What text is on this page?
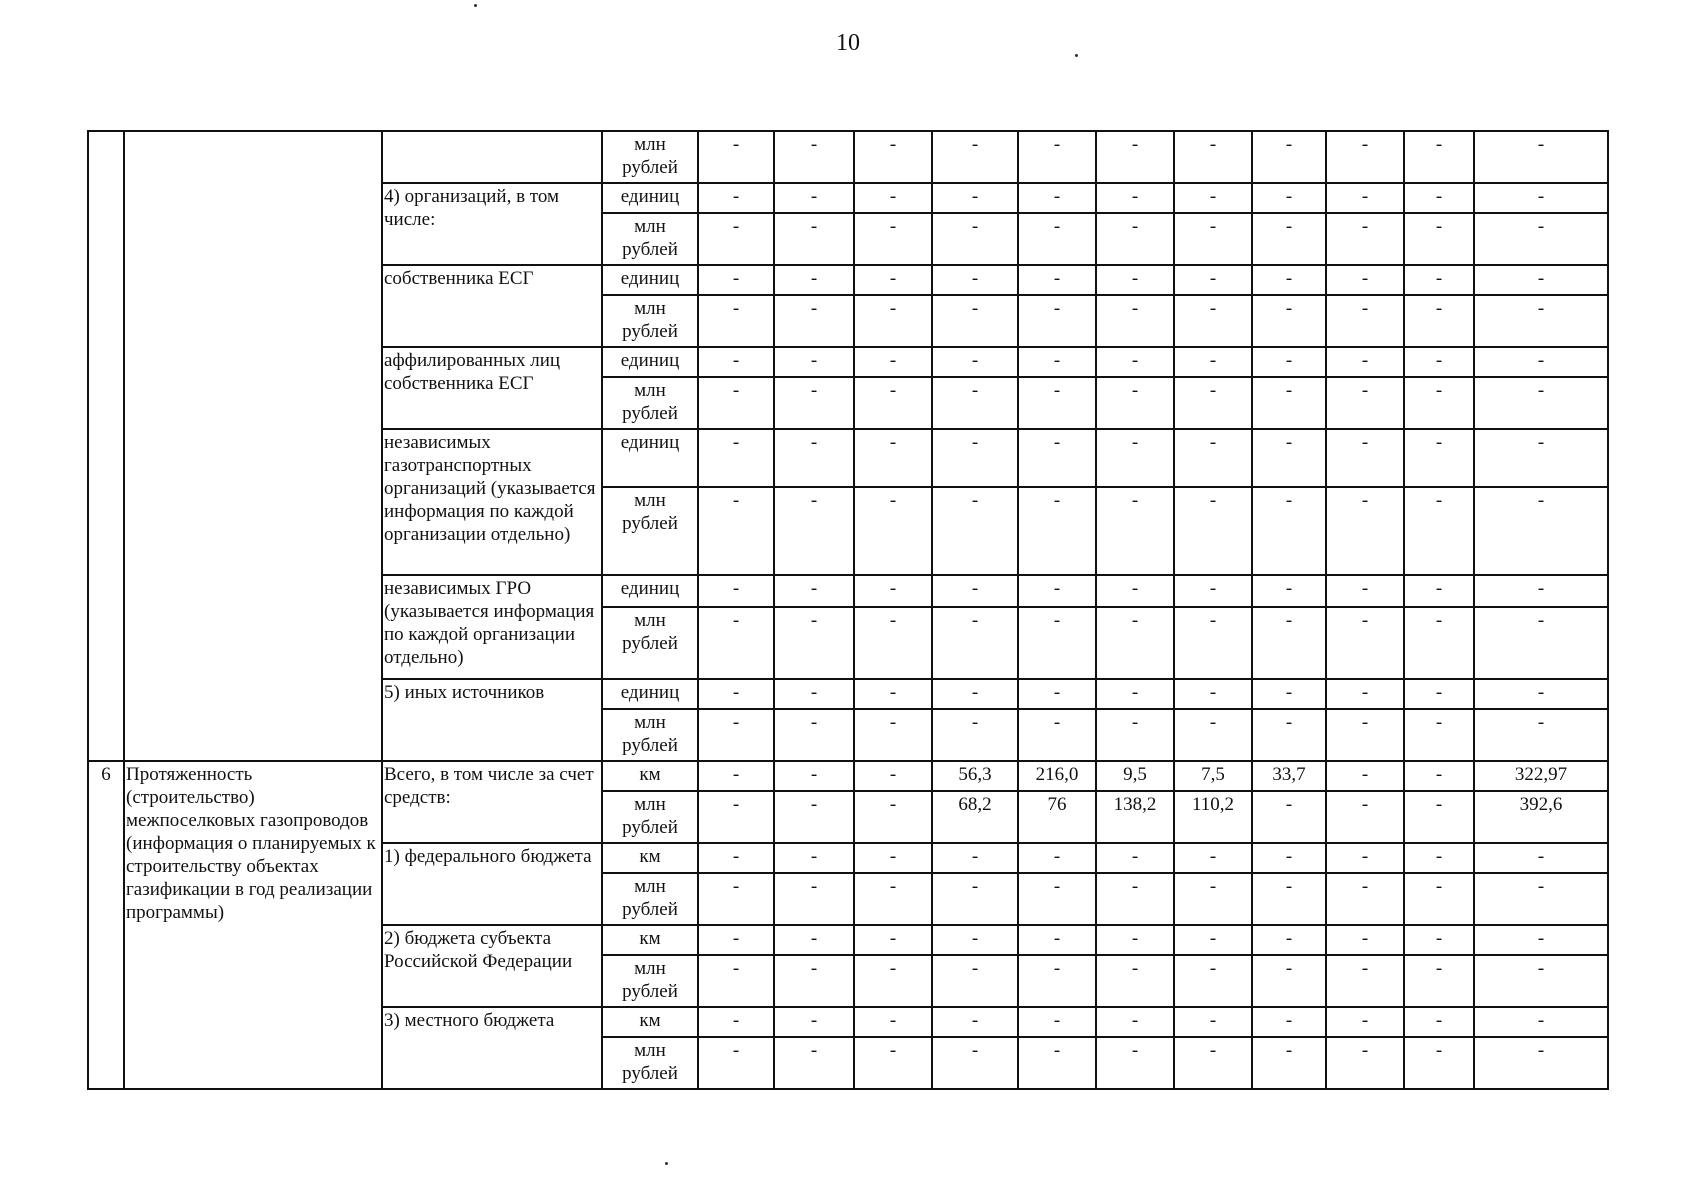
10
			млн рублей	-	-	-	-	-	-	-	-	-	-	-
		4) организаций, в том числе:	единиц	-	-	-	-	-	-	-	-	-	-	-
			млн рублей	-	-	-	-	-	-	-	-	-	-	-
		собственника ЕСГ	единиц	-	-	-	-	-	-	-	-	-	-	-
			млн рублей	-	-	-	-	-	-	-	-	-	-	-
		аффилированных лиц собственника ЕСГ	единиц	-	-	-	-	-	-	-	-	-	-	-
			млн рублей	-	-	-	-	-	-	-	-	-	-	-
		независимых газотранспортных организаций (указывается информация по каждой организации отдельно)	единиц	-	-	-	-	-	-	-	-	-	-	-
			млн рублей	-	-	-	-	-	-	-	-	-	-	-
		независимых ГРО (указывается информация по каждой организации отдельно)	единиц	-	-	-	-	-	-	-	-	-	-	-
			млн рублей	-	-	-	-	-	-	-	-	-	-	-
		5) иных источников	единиц	-	-	-	-	-	-	-	-	-	-	-
			млн рублей	-	-	-	-	-	-	-	-	-	-	-
6	Протяженность (строительство) межпоселковых газопроводов (информация о планируемых к строительству объектах газификации в год реализации программы)	Всего, в том числе за счет средств:	км	-	-	-	56,3	216,0	9,5	7,5	33,7	-	-	322,97
			млн рублей	-	-	-	68,2	76	138,2	110,2	-	-	-	392,6
		1) федерального бюджета	км	-	-	-	-	-	-	-	-	-	-	-
			млн рублей	-	-	-	-	-	-	-	-	-	-	-
		2) бюджета субъекта Российской Федерации	км	-	-	-	-	-	-	-	-	-	-	-
			млн рублей	-	-	-	-	-	-	-	-	-	-	-
		3) местного бюджета	км	-	-	-	-	-	-	-	-	-	-	-
			млн рублей	-	-	-	-	-	-	-	-	-	-	-
